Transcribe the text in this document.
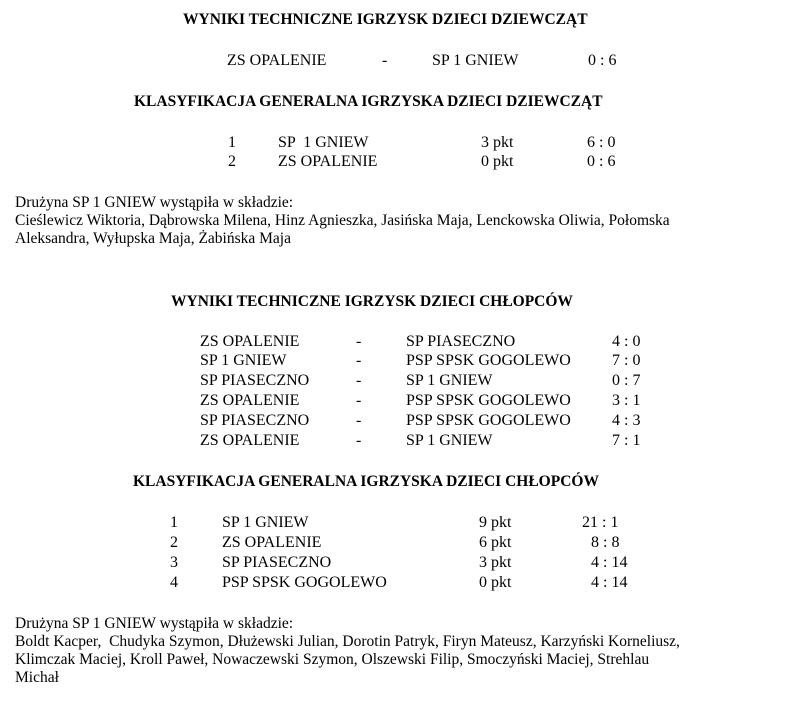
WYNIKI TECHNICZNE IGRZYSK DZIECI DZIEWCZĄT
ZS OPALENIE	-	SP 1 GNIEW	0 : 6
KLASYFIKACJA GENERALNA IGRZYSKA DZIECI DZIEWCZĄT
1	SP  1 GNIEW	3 pkt	6 : 0
2	ZS OPALENIE	0 pkt	0 : 6
Drużyna SP 1 GNIEW wystąpiła w składzie:
Cieślewicz Wiktoria, Dąbrowska Milena, Hinz Agnieszka, Jasińska Maja, Lenckowska Oliwia, Połomska
Aleksandra, Wyłupska Maja, Żabińska Maja
WYNIKI TECHNICZNE IGRZYSK DZIECI CHŁOPCÓW
ZS OPALENIE	-	SP PIASECZNO	4 : 0
SP 1 GNIEW	-	PSP SPSK GOGOLEWO	7 : 0
SP PIASECZNO	-	SP 1 GNIEW	0 : 7
ZS OPALENIE	-	PSP SPSK GOGOLEWO	3 : 1
SP PIASECZNO	-	PSP SPSK GOGOLEWO	4 : 3
ZS OPALENIE	-	SP 1 GNIEW	7 : 1
KLASYFIKACJA GENERALNA IGRZYSKA DZIECI CHŁOPCÓW
1	SP 1 GNIEW	9 pkt	21 : 1
2	ZS OPALENIE	6 pkt	8 : 8
3	SP PIASECZNO	3 pkt	4 : 14
4	PSP SPSK GOGOLEWO	0 pkt	4 : 14
Drużyna SP 1 GNIEW wystąpiła w składzie:
Boldt Kacper,  Chudyka Szymon, Dłużewski Julian, Dorotin Patryk, Firyn Mateusz, Karzyński Korneliusz,
Klimczak Maciej, Kroll Paweł, Nowaczewski Szymon, Olszewski Filip, Smoczyński Maciej, Strehlau
Michał
